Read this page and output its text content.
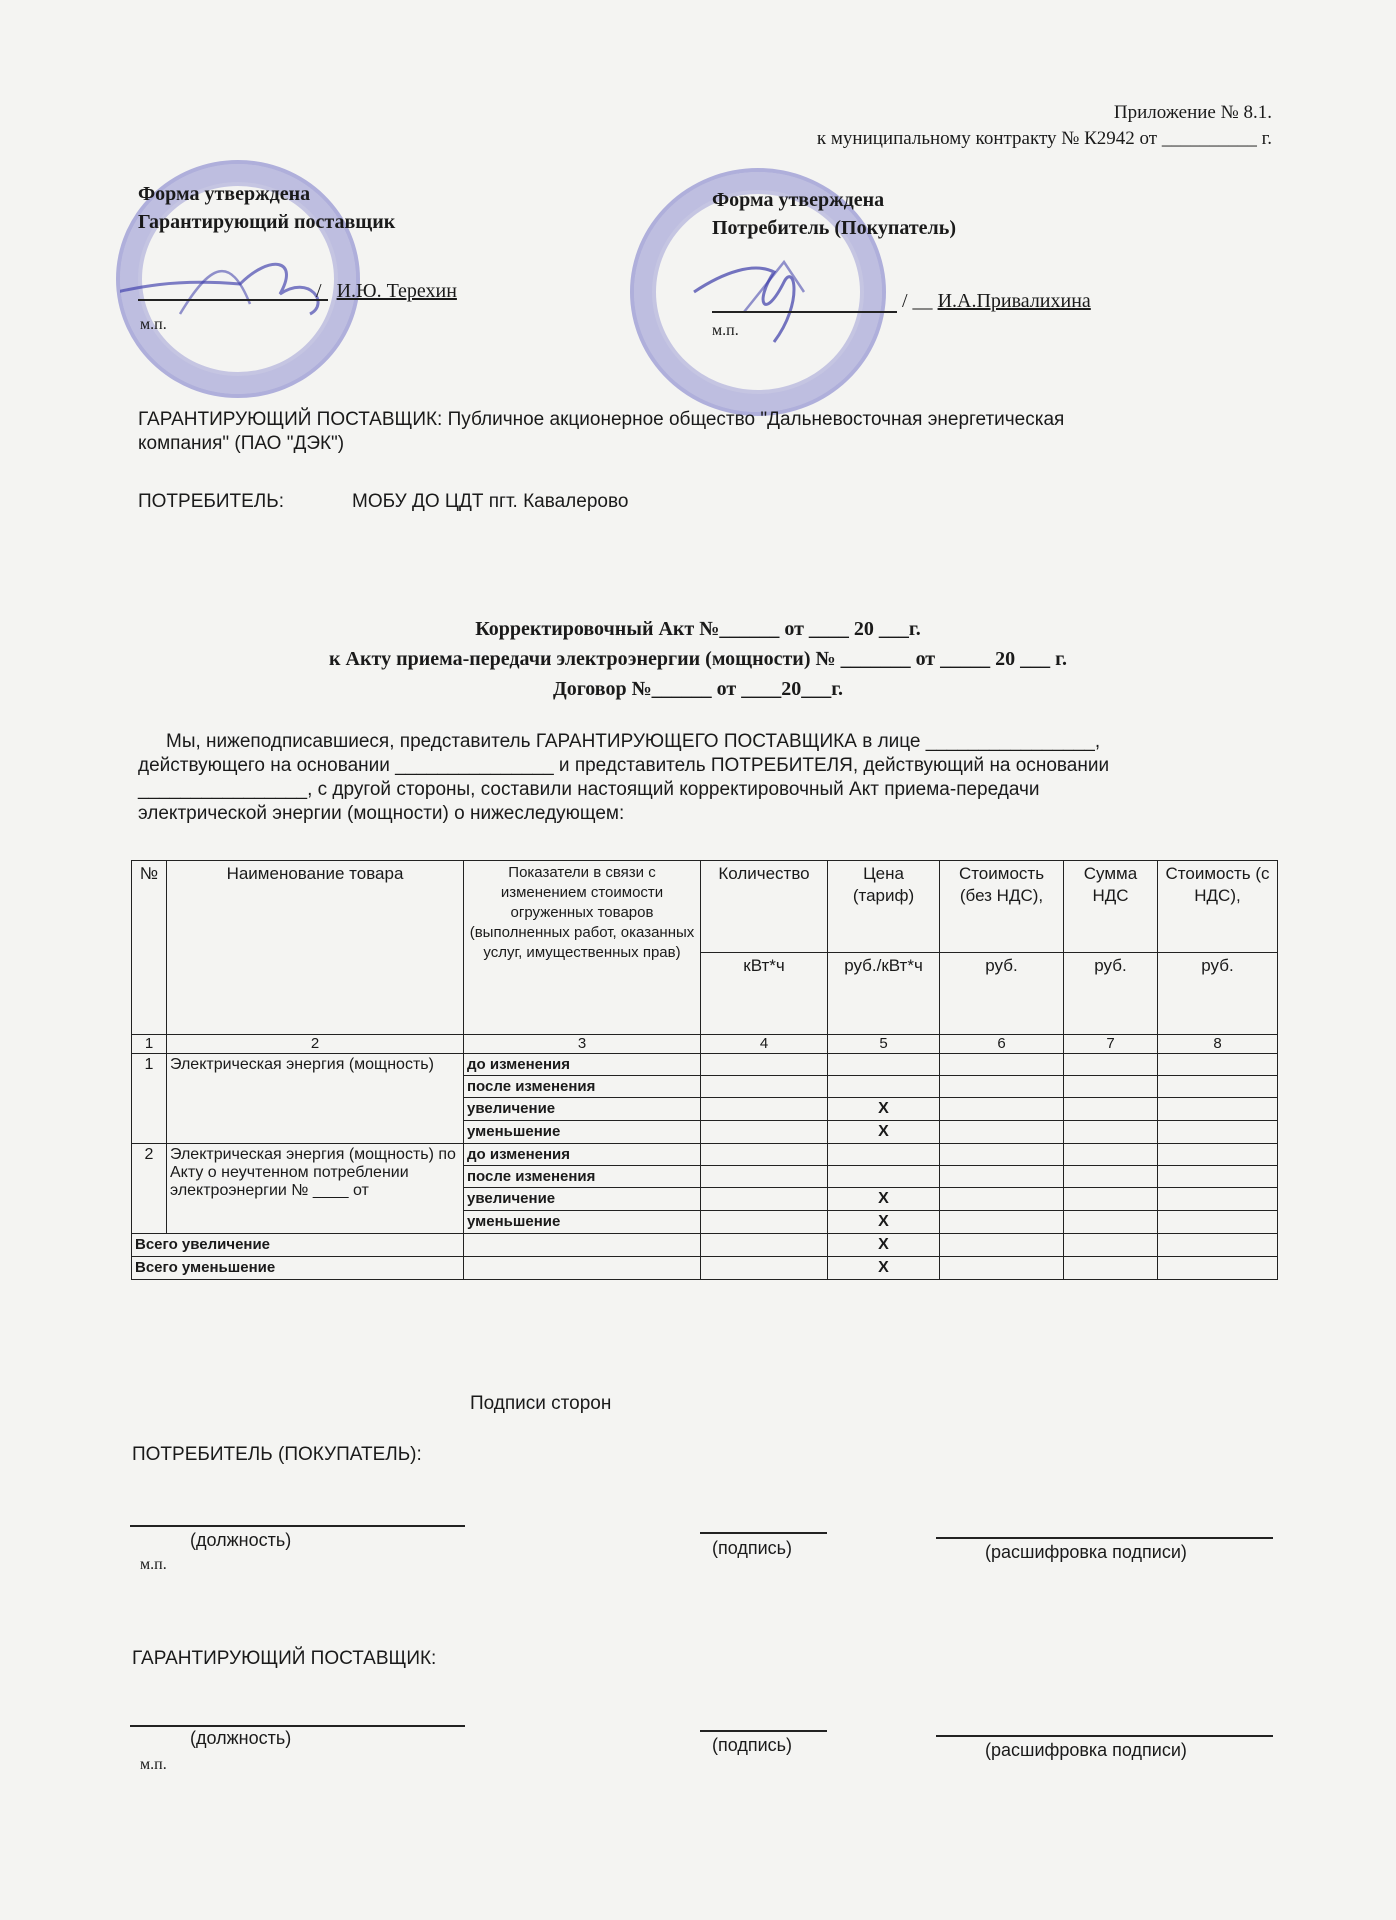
Приложение № 8.1.
к муниципальному контракту № К2942 от __________ г.
Форма утверждена
Гарантирующий поставщик
/   И.Ю. Терехин
м.п.
Форма утверждена
Потребитель (Покупатель)
/ __ И.А.Привалихина
м.п.
ГАРАНТИРУЮЩИЙ ПОСТАВЩИК: Публичное акционерное общество "Дальневосточная энергетическая
компания" (ПАО "ДЭК")
ПОТРЕБИТЕЛЬ:	МОБУ ДО ЦДТ пгт. Кавалерово
Корректировочный Акт №______ от ____ 20 ___г.
к Акту приема-передачи электроэнергии (мощности) № _______ от _____ 20 ___ г.
Договор №______ от ____20___г.
Мы, нижеподписавшиеся, представитель ГАРАНТИРУЮЩЕГО ПОСТАВЩИКА в лице ________________,
действующего на основании _______________ и представитель ПОТРЕБИТЕЛЯ, действующий на основании
________________, с другой стороны, составили настоящий корректировочный Акт приема-передачи
электрической энергии (мощности) о нижеследующем:
№	Наименование товара	Показатели в связи с изменением стоимости огруженных товаров (выполненных работ, оказанных услуг, имущественных прав)	Количество	Цена (тариф)	Стоимость (без НДС),	Сумма НДС	Стоимость (с НДС),
			кВт*ч	руб./кВт*ч	руб.	руб.	руб.
1	2	3	4	5	6	7	8
1	Электрическая энергия (мощность)	до изменения					
		после изменения					
		увеличение		Х			
		уменьшение		Х			
2	Электрическая энергия (мощность) по Акту о неучтенном потреблении электроэнергии № ____ от	до изменения					
		после изменения					
		увеличение		Х			
		уменьшение		Х			
Всего увеличение				Х			
Всего уменьшение				Х			
Подписи сторон
ПОТРЕБИТЕЛЬ (ПОКУПАТЕЛЬ):
(должность)	(подпись)	(расшифровка подписи)
м.п.
ГАРАНТИРУЮЩИЙ ПОСТАВЩИК:
(должность)	(подпись)	(расшифровка подписи)
м.п.
